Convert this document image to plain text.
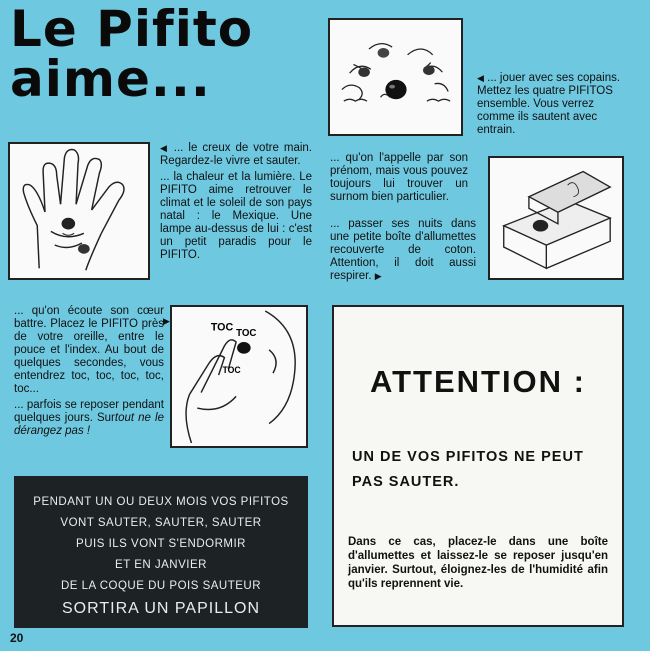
Le Pifito
aime...	◀ ... jouer avec ses copains. Mettez les quatre PIFITOS ensemble. Vous verrez comme ils sautent avec entrain.

◀ ... le creux de votre main. Regardez-le vivre et sauter.

... la chaleur et la lumière. Le PIFITO aime retrouver le climat et le soleil de son pays natal : le Mexique. Une lampe au-dessus de lui : c'est un petit paradis pour le PIFITO.

... qu'on l'appelle par son prénom, mais vous pouvez toujours lui trouver un surnom bien particulier.

... passer ses nuits dans une petite boîte d'allumettes recouverte de coton. Attention, il doit aussi respirer. ▶

... qu'on écoute son cœur battre. Placez le PIFITO près de votre oreille, entre le pouce et l'index. Au bout de quelques secondes, vous entendrez toc, toc, toc, toc, toc...

... parfois se reposer pendant quelques jours. Surtout ne le dérangez pas !

▶
TOC
TOC
TOC
PENDANT UN OU DEUX MOIS VOS PIFITOS
VONT SAUTER, SAUTER, SAUTER
PUIS ILS VONT S'ENDORMIR
ET EN JANVIER
DE LA COQUE DU POIS SAUTEUR
SORTIRA UN PAPILLON
ATTENTION :
UN DE VOS PIFITOS NE PEUT PAS SAUTER.

Dans ce cas, placez-le dans une boîte d'allumettes et laissez-le se reposer jusqu'en janvier. Surtout, éloignez-les de l'humidité afin qu'ils reprennent vie.

20
